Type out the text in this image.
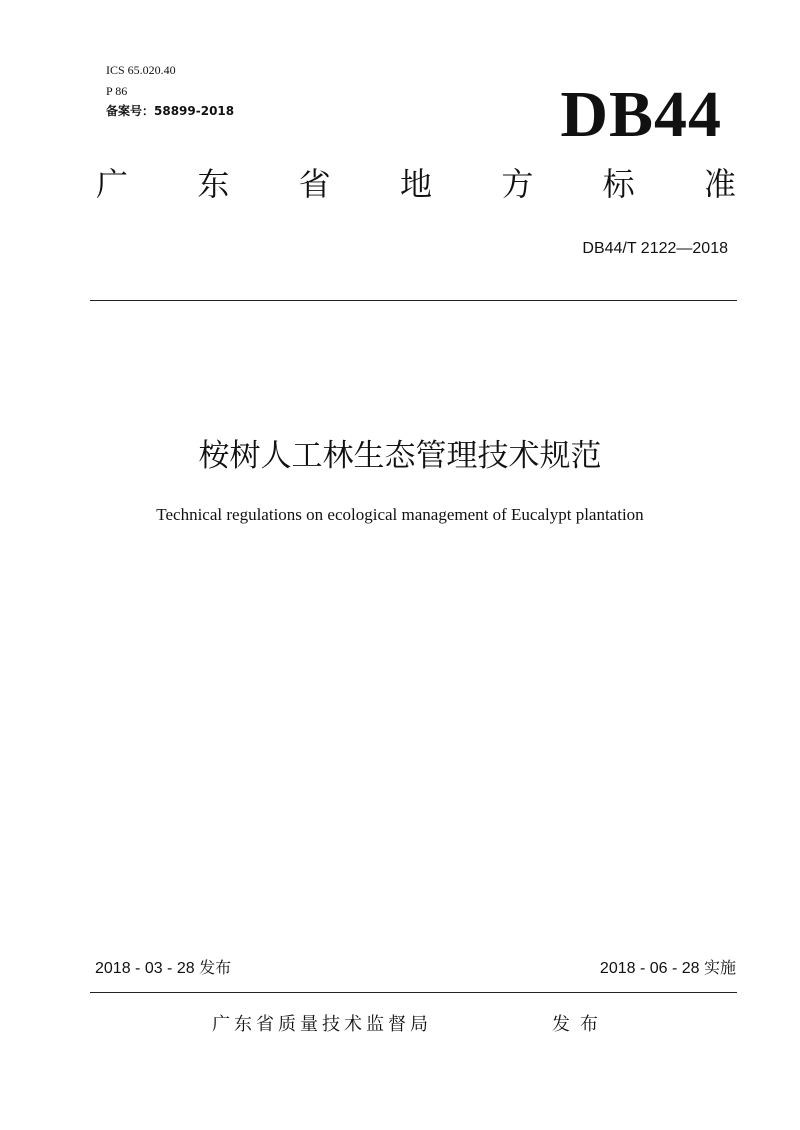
ICS 65.020.40
P 86
备案号：58899-2018	DB44
广 东 省 地 方 标 准
DB44/T 2122—2018
桉树人工林生态管理技术规范
Technical regulations on ecological management of Eucalypt plantation
2018 - 03 - 28 发布	2018 - 06 - 28 实施
广东省质量技术监督局	发布
